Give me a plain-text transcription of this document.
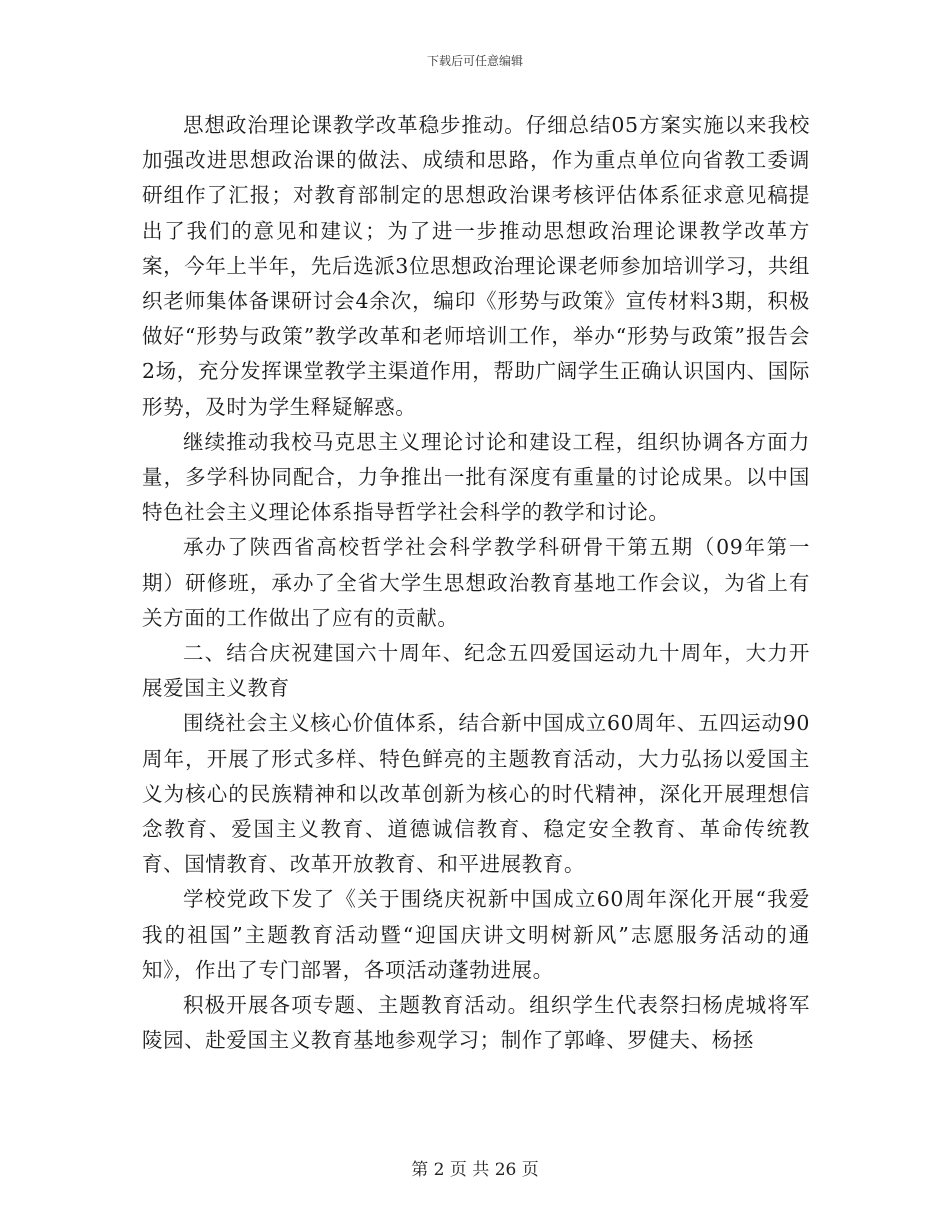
下载后可任意编辑

思想政治理论课教学改革稳步推动。仔细总结05方案实施以来我校加强改进思想政治课的做法、成绩和思路，作为重点单位向省教工委调研组作了汇报；对教育部制定的思想政治课考核评估体系征求意见稿提出了我们的意见和建议；为了进一步推动思想政治理论课教学改革方案，今年上半年，先后选派3位思想政治理论课老师参加培训学习，共组织老师集体备课研讨会4余次，编印《形势与政策》宣传材料3期，积极做好“形势与政策”教学改革和老师培训工作，举办“形势与政策”报告会2场，充分发挥课堂教学主渠道作用，帮助广阔学生正确认识国内、国际形势，及时为学生释疑解惑。

继续推动我校马克思主义理论讨论和建设工程，组织协调各方面力量，多学科协同配合，力争推出一批有深度有重量的讨论成果。以中国特色社会主义理论体系指导哲学社会科学的教学和讨论。

承办了陕西省高校哲学社会科学教学科研骨干第五期（09年第一期）研修班，承办了全省大学生思想政治教育基地工作会议，为省上有关方面的工作做出了应有的贡献。

二、结合庆祝建国六十周年、纪念五四爱国运动九十周年，大力开展爱国主义教育

围绕社会主义核心价值体系，结合新中国成立60周年、五四运动90周年，开展了形式多样、特色鲜亮的主题教育活动，大力弘扬以爱国主义为核心的民族精神和以改革创新为核心的时代精神，深化开展理想信念教育、爱国主义教育、道德诚信教育、稳定安全教育、革命传统教育、国情教育、改革开放教育、和平进展教育。

学校党政下发了《关于围绕庆祝新中国成立60周年深化开展“我爱我的祖国”主题教育活动暨“迎国庆讲文明树新风”志愿服务活动的通知》，作出了专门部署，各项活动蓬勃进展。

积极开展各项专题、主题教育活动。组织学生代表祭扫杨虎城将军陵园、赴爱国主义教育基地参观学习；制作了郭峰、罗健夫、杨拯

第 2 页 共 26 页
